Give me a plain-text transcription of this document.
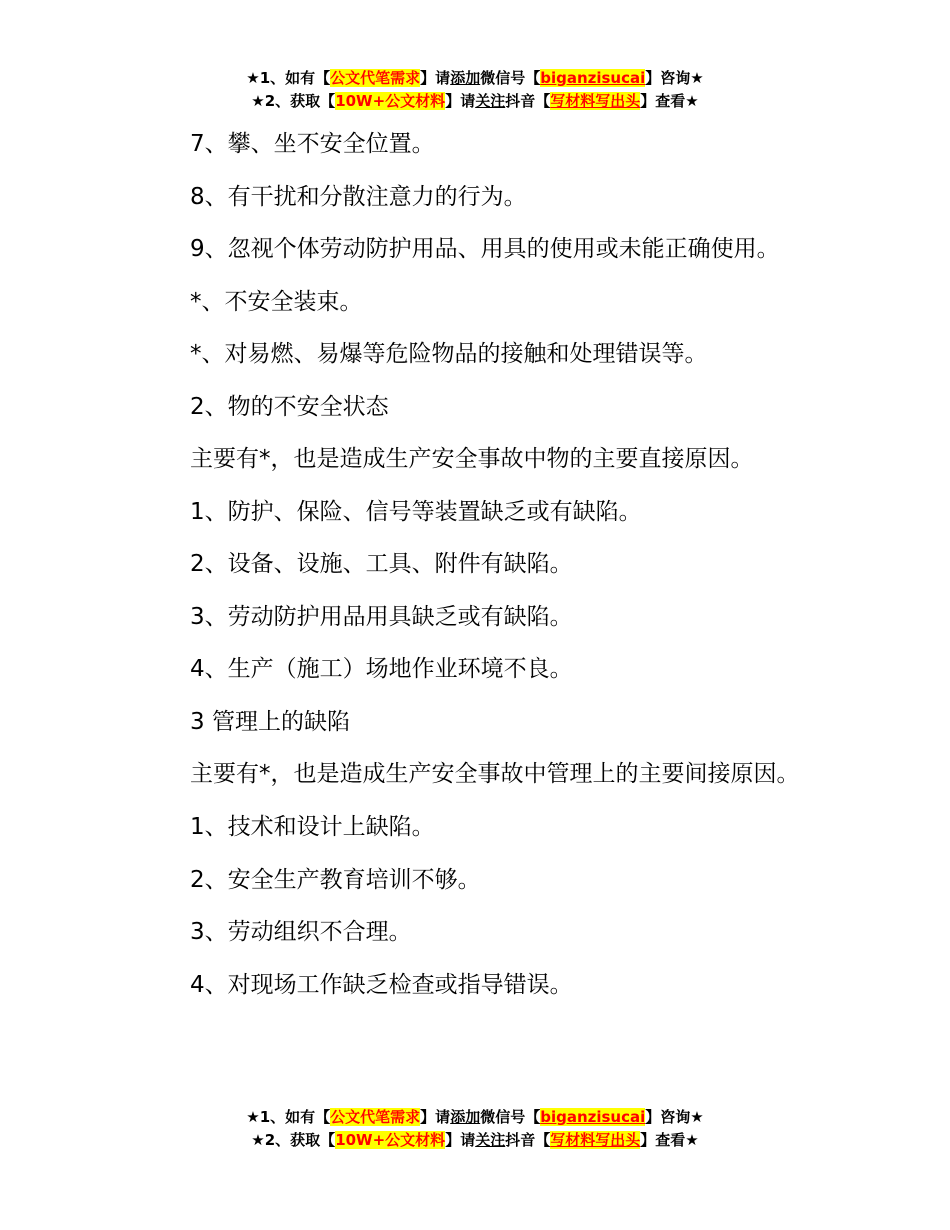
★1、如有【公文代笔需求】请添加微信号【biganzisucai】咨询★
★2、获取【10W+公文材料】请关注抖音【写材料写出头】查看★

7、攀、坐不安全位置。

8、有干扰和分散注意力的行为。

9、忽视个体劳动防护用品、用具的使用或未能正确使用。

*、不安全装束。

*、对易燃、易爆等危险物品的接触和处理错误等。

2、物的不安全状态

主要有*，也是造成生产安全事故中物的主要直接原因。

1、防护、保险、信号等装置缺乏或有缺陷。

2、设备、设施、工具、附件有缺陷。

3、劳动防护用品用具缺乏或有缺陷。

4、生产（施工）场地作业环境不良。

3 管理上的缺陷

主要有*，也是造成生产安全事故中管理上的主要间接原因。

1、技术和设计上缺陷。

2、安全生产教育培训不够。

3、劳动组织不合理。

4、对现场工作缺乏检查或指导错误。

★1、如有【公文代笔需求】请添加微信号【biganzisucai】咨询★
★2、获取【10W+公文材料】请关注抖音【写材料写出头】查看★
